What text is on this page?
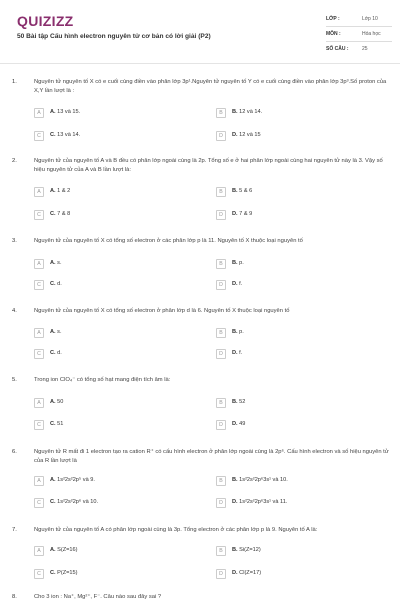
QUIZIZZ
50 Bài tập Cấu hình electron nguyên tử cơ bản có lời giải (P2)
LỚP :	Lớp 10
MÔN :	Hóa học
SỐ CÂU :	25
1.	Nguyên tử nguyên tố X có e cuối cùng điền vào phân lớp 3p¹.Nguyên tử nguyên tố Y có e cuối cùng điền vào phân lớp 3p³.Số proton của X,Y lần lượt là :
A	A. 13 và 15.	B	B. 12 và 14.
C	C. 13 và 14.	D	D. 12 và 15
2.	Nguyên tử của nguyên tố A và B đều có phân lớp ngoài cùng là 2p. Tổng số e ở hai phân lớp ngoài cùng hai nguyên tử này là 3. Vậy số hiệu nguyên tử của A và B lần lượt là:
A	A. 1 & 2	B	B. 5 & 6
C	C. 7 & 8	D	D. 7 & 9
3.	Nguyên tử của nguyên tố X có tổng số electron ở các phân lớp p là 11. Nguyên tố X thuộc loại nguyên tố
A	A. s.	B	B. p.
C	C. d.	D	D. f.
4.	Nguyên tử của nguyên tố X có tổng số electron ở phân lớp d là 6. Nguyên tố X thuộc loại nguyên tố
A	A. s.	B	B. p.
C	C. d.	D	D. f.
5.	Trong ion ClO₄⁻ có tổng số hạt mang điện tích âm là:
A	A. 50	B	B. 52
C	C. 51	D	D. 49
6.	Nguyên tử R mất đi 1 electron tạo ra cation R⁺ có cấu hình electron ở phân lớp ngoài cùng là 2p⁶. Cấu hình electron và số hiệu nguyên tử của R lần lượt là
A	A. 1s²2s²2p⁵ và 9.	B	B. 1s²2s²2p⁶3s¹ và 10.
C	C. 1s²2s²2p⁶ và 10.	D	D. 1s²2s²2p⁶3s¹ và 11.
7.	Nguyên tử của nguyên tố A có phân lớp ngoài cùng là 3p. Tổng electron ở các phân lớp p là 9. Nguyên tố A là:
A	A. S(Z=16)	B	B. Si(Z=12)
C	C. P(Z=15)	D	D. Cl(Z=17)
8.	Cho 3 ion : Na⁺, Mg²⁺, F⁻. Câu nào sau đây sai ?
